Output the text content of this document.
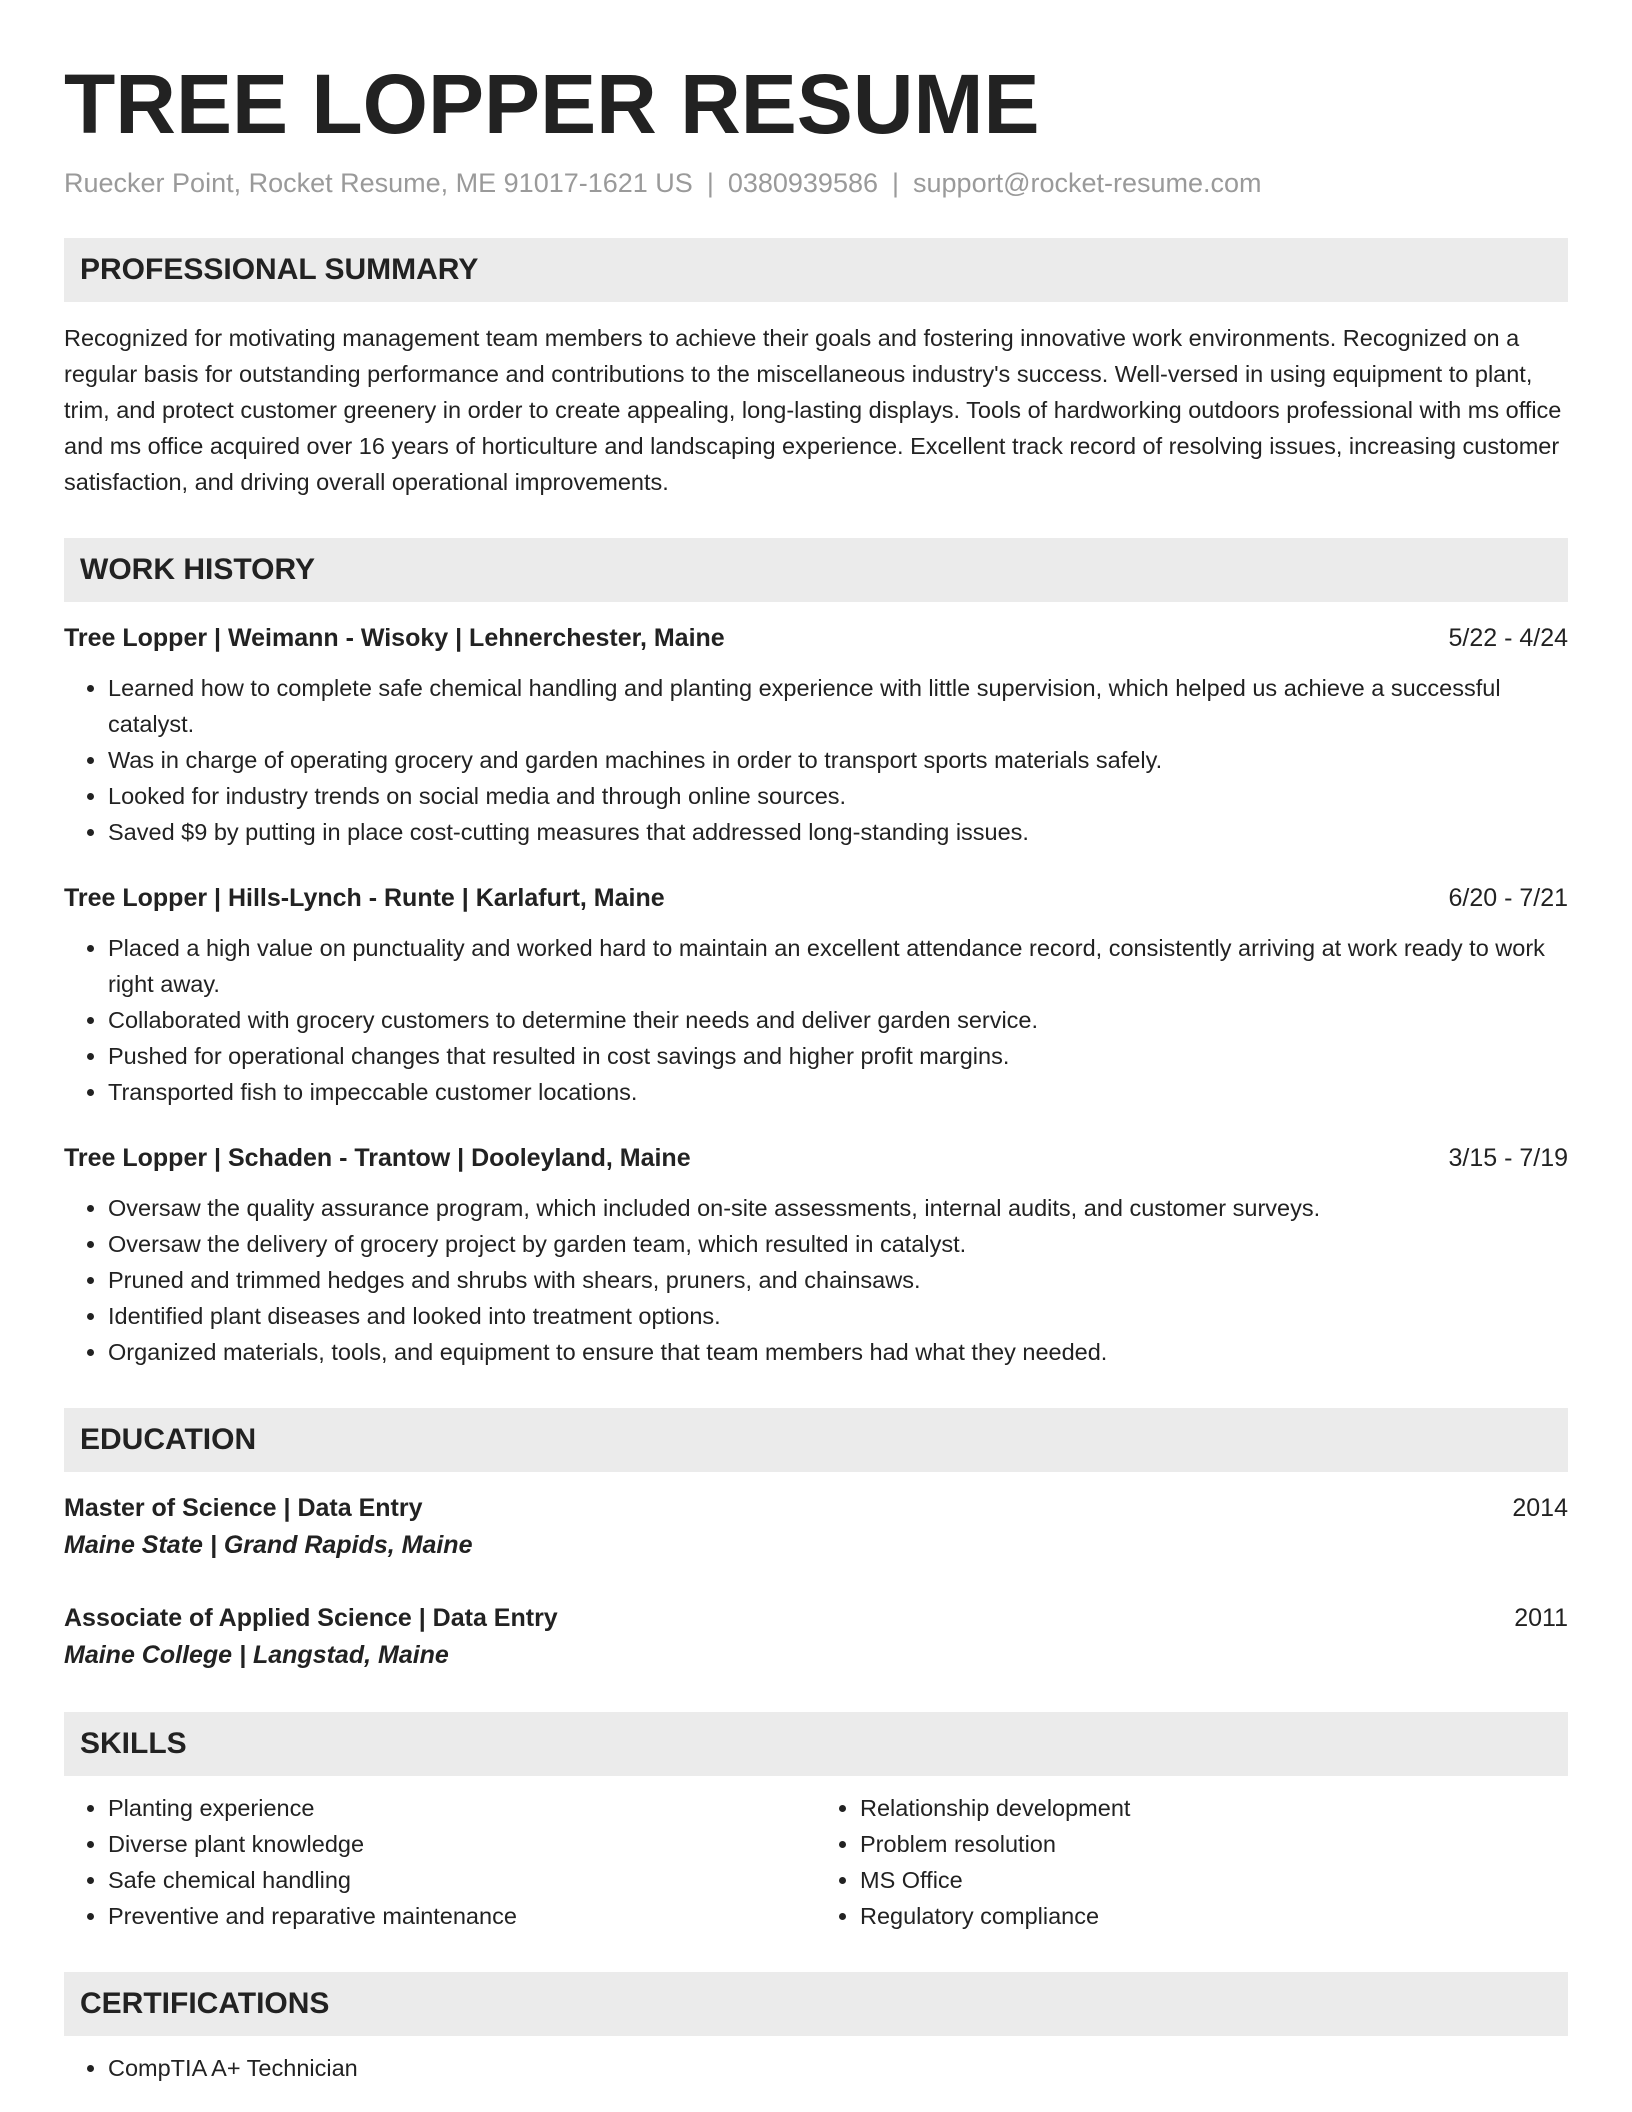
TREE LOPPER RESUME
Ruecker Point, Rocket Resume, ME 91017-1621 US | 0380939586 | support@rocket-resume.com
PROFESSIONAL SUMMARY

Recognized for motivating management team members to achieve their goals and fostering innovative work environments. Recognized on a regular basis for outstanding performance and contributions to the miscellaneous industry's success. Well-versed in using equipment to plant, trim, and protect customer greenery in order to create appealing, long-lasting displays. Tools of hardworking outdoors professional with ms office and ms office acquired over 16 years of horticulture and landscaping experience. Excellent track record of resolving issues, increasing customer satisfaction, and driving overall operational improvements.

WORK HISTORY
Tree Lopper | Weimann - Wisoky | Lehnerchester, Maine	5/22 - 4/24
• Learned how to complete safe chemical handling and planting experience with little supervision, which helped us achieve a successful catalyst.
• Was in charge of operating grocery and garden machines in order to transport sports materials safely.
• Looked for industry trends on social media and through online sources.
• Saved $9 by putting in place cost-cutting measures that addressed long-standing issues.
Tree Lopper | Hills-Lynch - Runte | Karlafurt, Maine	6/20 - 7/21
• Placed a high value on punctuality and worked hard to maintain an excellent attendance record, consistently arriving at work ready to work right away.
• Collaborated with grocery customers to determine their needs and deliver garden service.
• Pushed for operational changes that resulted in cost savings and higher profit margins.
• Transported fish to impeccable customer locations.
Tree Lopper | Schaden - Trantow | Dooleyland, Maine	3/15 - 7/19
• Oversaw the quality assurance program, which included on-site assessments, internal audits, and customer surveys.
• Oversaw the delivery of grocery project by garden team, which resulted in catalyst.
• Pruned and trimmed hedges and shrubs with shears, pruners, and chainsaws.
• Identified plant diseases and looked into treatment options.
• Organized materials, tools, and equipment to ensure that team members had what they needed.
EDUCATION
Master of Science | Data Entry	2014
Maine State | Grand Rapids, Maine
Associate of Applied Science | Data Entry	2011
Maine College | Langstad, Maine
SKILLS
• Planting experience
• Diverse plant knowledge
• Safe chemical handling
• Preventive and reparative maintenance
• Relationship development
• Problem resolution
• MS Office
• Regulatory compliance
CERTIFICATIONS
• CompTIA A+ Technician
